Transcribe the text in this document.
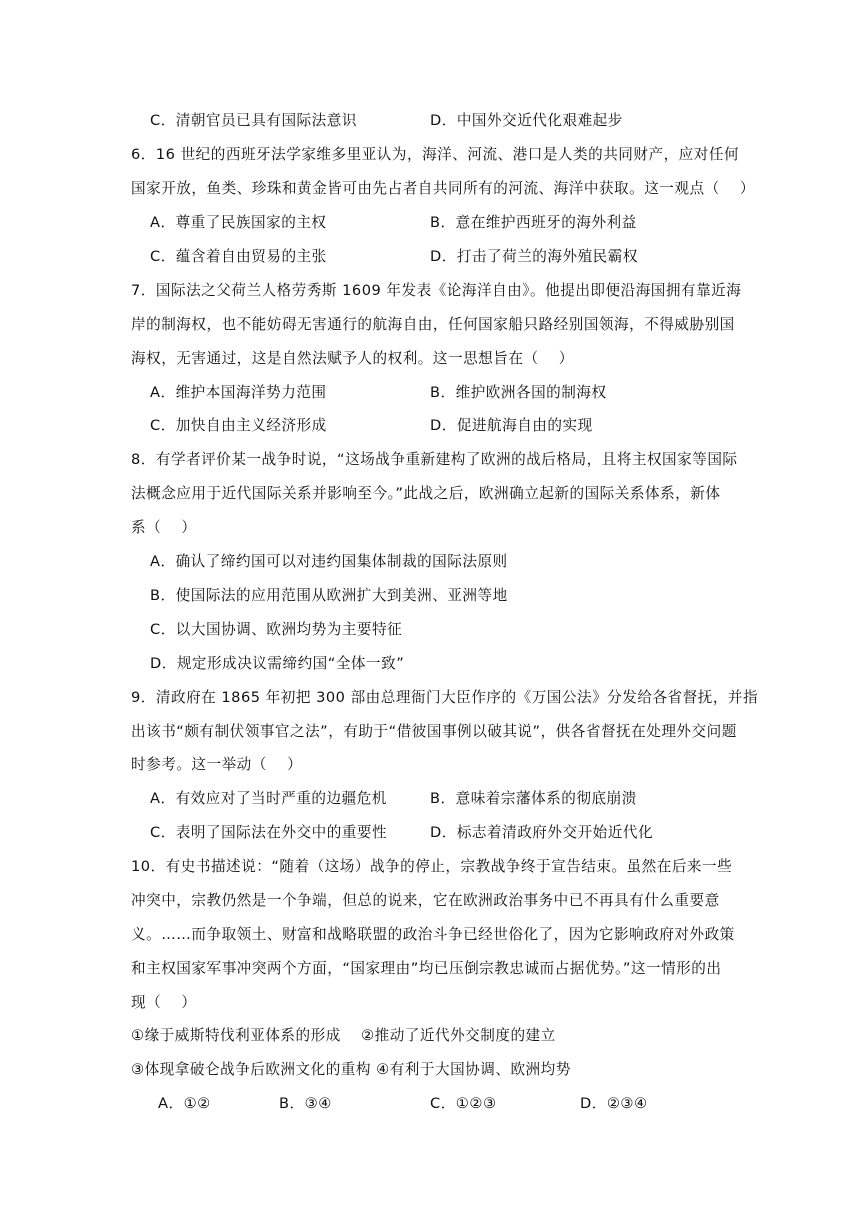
C．清朝官员已具有国际法意识	D．中国外交近代化艰难起步
6．16 世纪的西班牙法学家维多里亚认为，海洋、河流、港口是人类的共同财产，应对任何
国家开放，鱼类、珍珠和黄金皆可由先占者自共同所有的河流、海洋中获取。这一观点（　 ）
A．尊重了民族国家的主权	B．意在维护西班牙的海外利益
C．蕴含着自由贸易的主张	D．打击了荷兰的海外殖民霸权
7．国际法之父荷兰人格劳秀斯 1609 年发表《论海洋自由》。他提出即便沿海国拥有靠近海
岸的制海权，也不能妨碍无害通行的航海自由，任何国家船只路经别国领海，不得威胁别国
海权，无害通过，这是自然法赋予人的权利。这一思想旨在（　 ）
A．维护本国海洋势力范围	B．维护欧洲各国的制海权
C．加快自由主义经济形成	D．促进航海自由的实现
8．有学者评价某一战争时说，“这场战争重新建构了欧洲的战后格局，且将主权国家等国际
法概念应用于近代国际关系并影响至今。”此战之后，欧洲确立起新的国际关系体系，新体
系（　 ）
A．确认了缔约国可以对违约国集体制裁的国际法原则
B．使国际法的应用范围从欧洲扩大到美洲、亚洲等地
C．以大国协调、欧洲均势为主要特征
D．规定形成决议需缔约国“全体一致”
9．清政府在 1865 年初把 300 部由总理衙门大臣作序的《万国公法》分发给各省督抚，并指
出该书“颇有制伏领事官之法”，有助于“借彼国事例以破其说”，供各省督抚在处理外交问题
时参考。这一举动（　 ）
A．有效应对了当时严重的边疆危机	B．意味着宗藩体系的彻底崩溃
C．表明了国际法在外交中的重要性	D．标志着清政府外交开始近代化
10．有史书描述说：“随着（这场）战争的停止，宗教战争终于宣告结束。虽然在后来一些
冲突中，宗教仍然是一个争端，但总的说来，它在欧洲政治事务中已不再具有什么重要意
义。……而争取领土、财富和战略联盟的政治斗争已经世俗化了，因为它影响政府对外政策
和主权国家军事冲突两个方面，“国家理由”均已压倒宗教忠诚而占据优势。”这一情形的出
现（　 ）
①缘于威斯特伐利亚体系的形成　 ②推动了近代外交制度的建立
③体现拿破仑战争后欧洲文化的重构 ④有利于大国协调、欧洲均势
A．①②	B．③④	C．①②③	D．②③④
